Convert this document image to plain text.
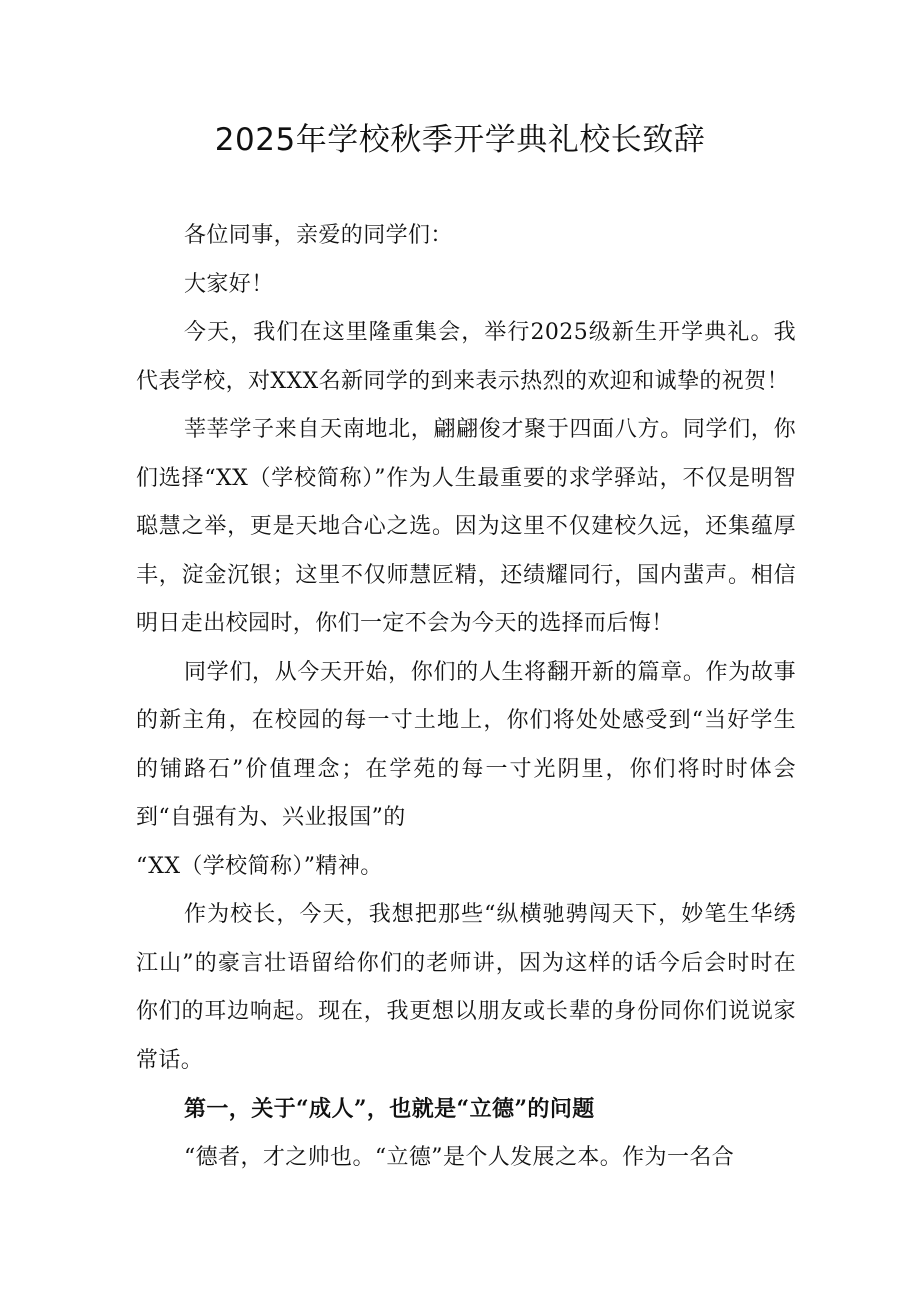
2025年学校秋季开学典礼校长致辞

各位同事，亲爱的同学们：

大家好！

今天，我们在这里隆重集会，举行2025级新生开学典礼。我代表学校，对XXX名新同学的到来表示热烈的欢迎和诚挚的祝贺！

莘莘学子来自天南地北，翩翩俊才聚于四面八方。同学们，你们选择“XX（学校简称）”作为人生最重要的求学驿站，不仅是明智聪慧之举，更是天地合心之选。因为这里不仅建校久远，还集蕴厚丰，淀金沉银；这里不仅师慧匠精，还绩耀同行，国内蜚声。相信明日走出校园时，你们一定不会为今天的选择而后悔！

同学们，从今天开始，你们的人生将翻开新的篇章。作为故事的新主角，在校园的每一寸土地上，你们将处处感受到“当好学生的铺路石”价值理念；在学苑的每一寸光阴里，你们将时时体会到“自强有为、兴业报国”的

“XX（学校简称）”精神。

作为校长，今天，我想把那些“纵横驰骋闯天下，妙笔生华绣江山”的豪言壮语留给你们的老师讲，因为这样的话今后会时时在你们的耳边响起。现在，我更想以朋友或长辈的身份同你们说说家常话。

第一，关于“成人”，也就是“立德”的问题

“德者，才之帅也。“立德”是个人发展之本。作为一名合
